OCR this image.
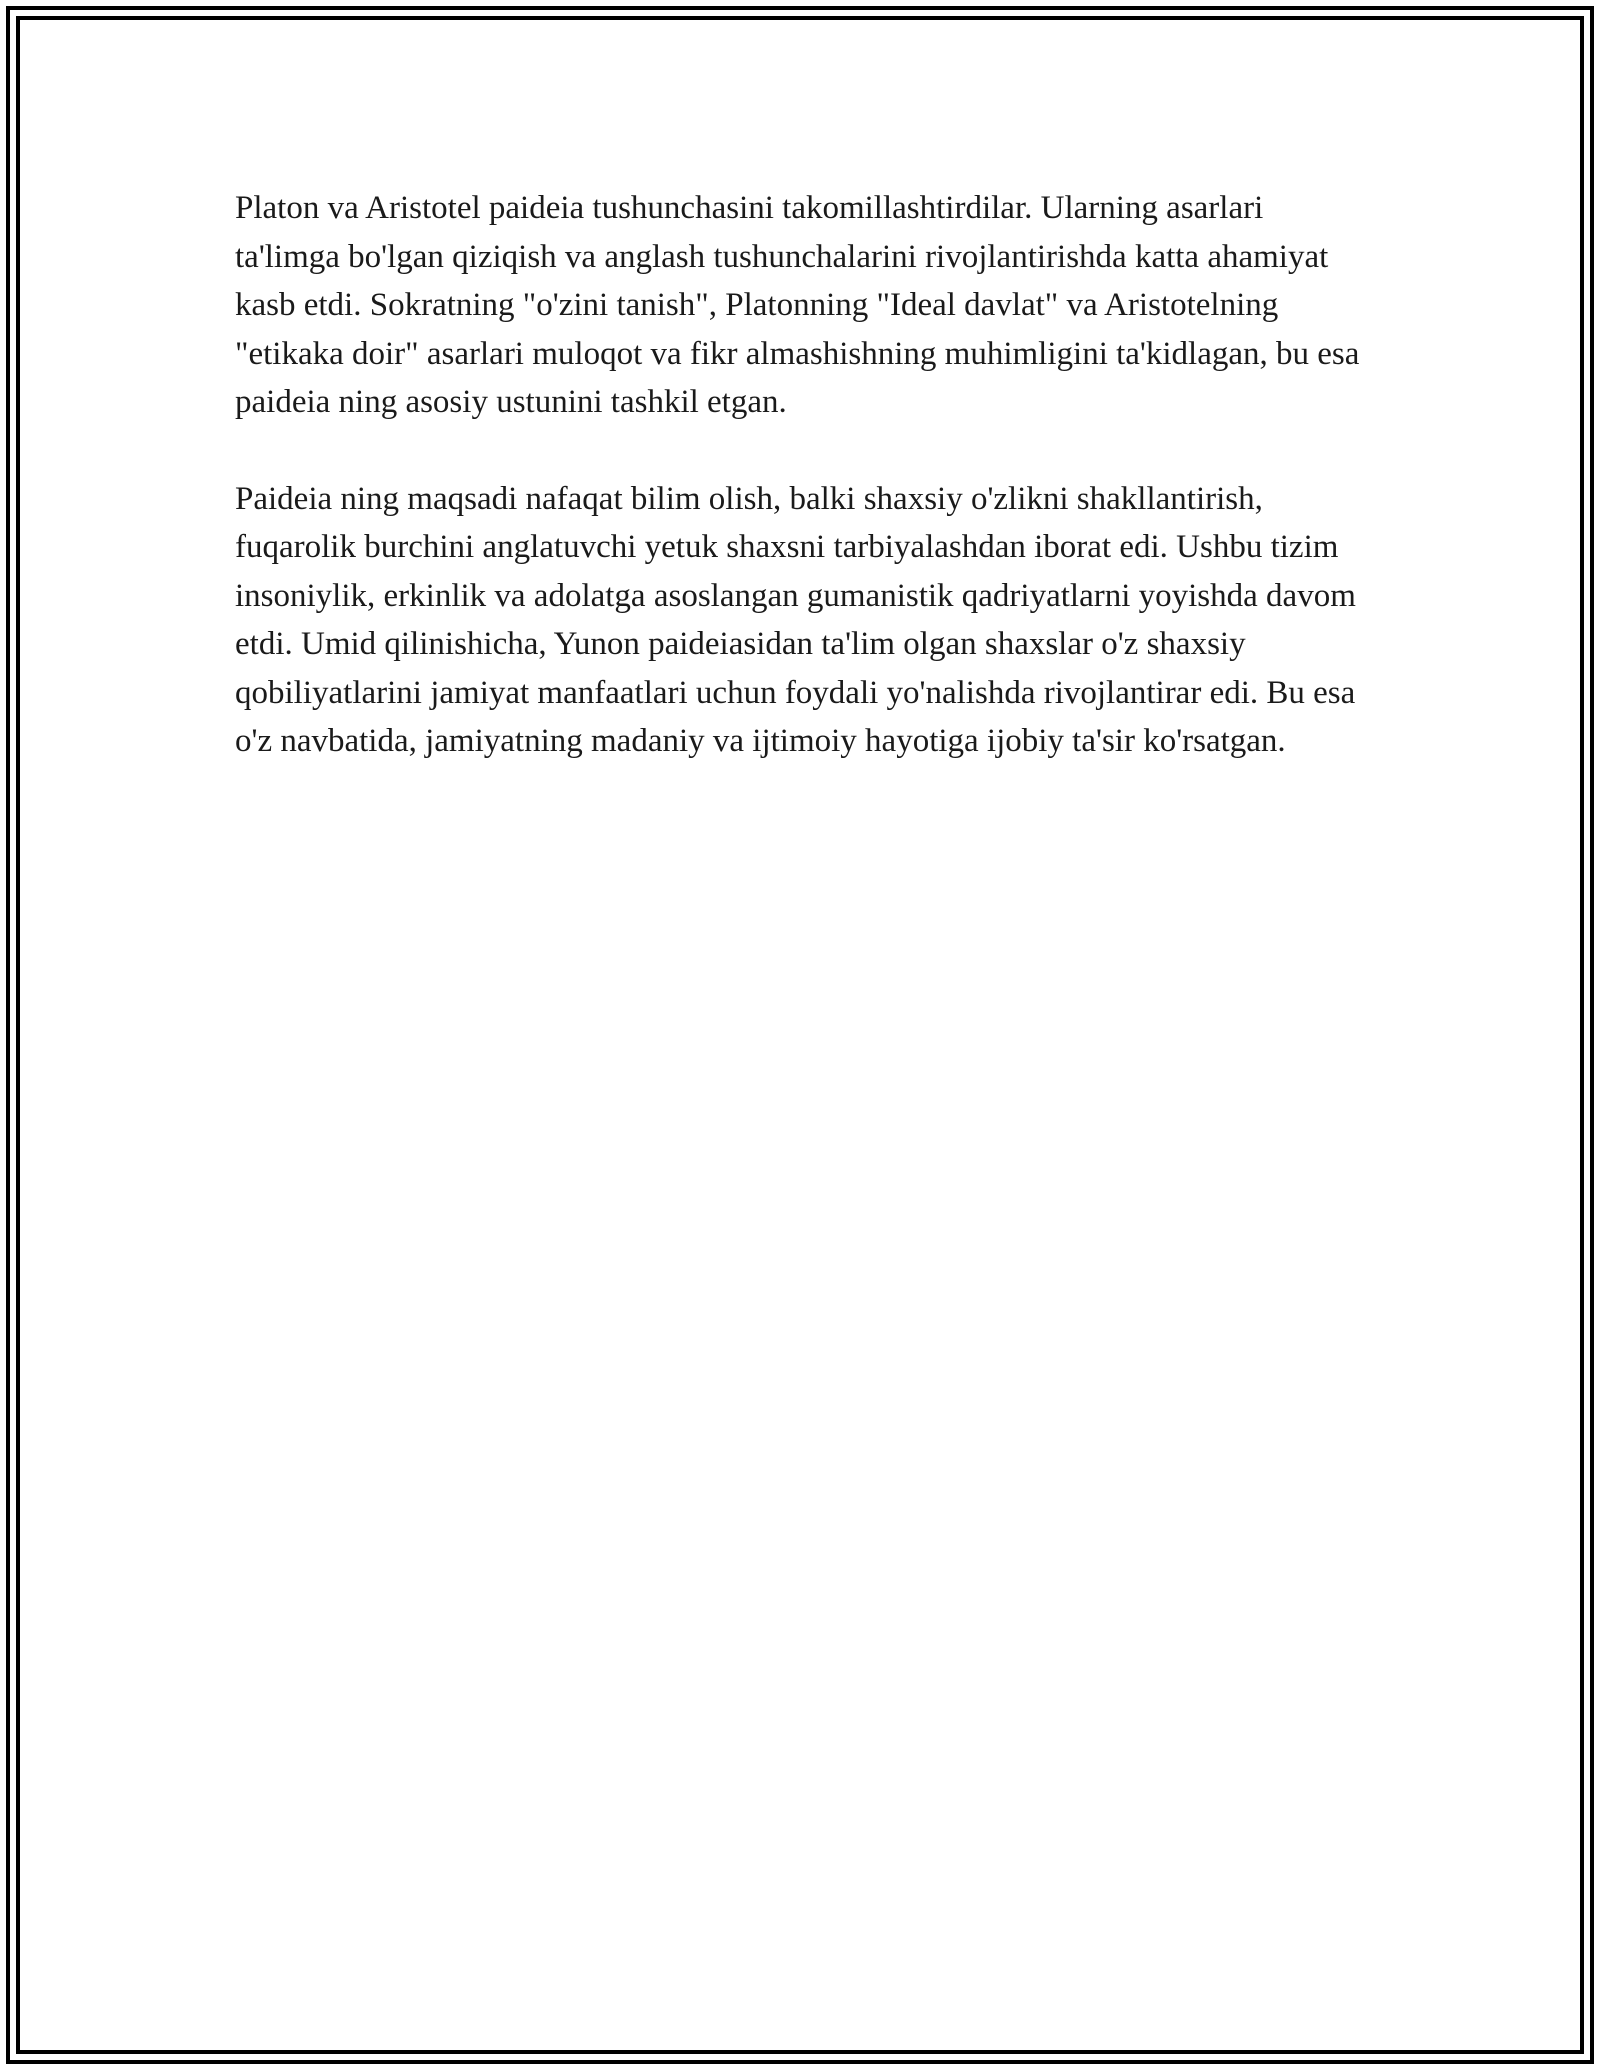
Platon va Aristotel paideia tushunchasini takomillashtirdilar. Ularning asarlari ta'limga bo'lgan qiziqish va anglash tushunchalarini rivojlantirishda katta ahamiyat kasb etdi. Sokratning "o'zini tanish", Platonning "Ideal davlat" va Aristotelning "etikaka doir" asarlari muloqot va fikr almashishning muhimligini ta'kidlagan, bu esa paideia ning asosiy ustunini tashkil etgan.

Paideia ning maqsadi nafaqat bilim olish, balki shaxsiy o'zlikni shakllantirish, fuqarolik burchini anglatuvchi yetuk shaxsni tarbiyalashdan iborat edi. Ushbu tizim insoniylik, erkinlik va adolatga asoslangan gumanistik qadriyatlarni yoyishda davom etdi. Umid qilinishicha, Yunon paideiasidan ta'lim olgan shaxslar o'z shaxsiy qobiliyatlarini jamiyat manfaatlari uchun foydali yo'nalishda rivojlantirar edi. Bu esa o'z navbatida, jamiyatning madaniy va ijtimoiy hayotiga ijobiy ta'sir ko'rsatgan.
